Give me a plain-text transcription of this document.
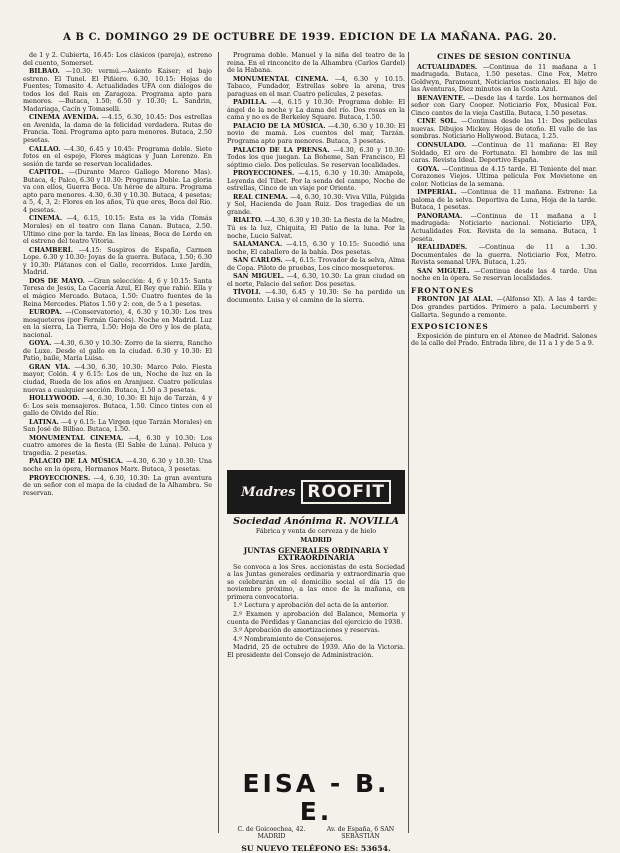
A B C. DOMINGO 29 DE OCTUBRE DE 1939. EDICION DE LA MAÑANA. PAG. 20.

de 1 y 2. Cubierta, 16.45: Los clásicos (pareja), estreno del cuento, Somerset.

BILBAO. —10.30: vermú.—Asiento Kaiser; el bajo estreno. El Tunel. El Piñiero. 6.30, 10.15: Hojas de Fuentes; Tomasito 4. Actualidades UFA con diálogos de todos los del Rais en Zaragoza. Programa apto para menores. —Butaca, 1.50; 6.50 y 10.30; L. Sandrin, Madariaga, Cacín y Tomaselli.

CINEMA AVENIDA. —4.15, 6.30, 10.45: Dos estrellas en Avenida, la dama de la felicidad verdadera. Rutas de Francia. Toni. Programa apto para menores. Butaca, 2.50 pesetas.

CALLAO. —4.30, 6.45 y 10.45: Programa doble. Siete fotos en el espejo, Flores mágicas y Juan Lorenzo. En sesión de tarde se reservan localidades.

CAPITOL. —(Durante Marco Gallego Moreno Mas). Butaca, 4; Palco, 6.30 y 10.30: Programa Doble. La gloria va con ellos, Guerra Boca. Un héroe de altura. Programa apto para menores. 4.30, 6.30 y 10.30. Butaca, 4 pesetas; a 5, 4, 3, 2: Flores en los años, Tú que eres, Boca del Rio. 4 pesetas.

CINEMA. —4, 6.15, 10.15: Esta es la vida (Tomás Morales) en el teatro con Ilana Canan. Butaca, 2.50. Ultimo cine por la tarde. En las líneas, Boca de Lerdo en el estreno del teatro Vitoria.

CHAMBERÍ. —4.15: Suspiros de España, Carmen Lope. 6.30 y 10.30: Joyas de la guerra. Butaca, 1.50; 6.30 y 10.30: Plátanos con el Gallo, recorridos. Luxe Jardín, Madrid.

DOS DE MAYO. —Gran selección: 4, 6 y 10.15: Santa Teresa de Jesús, La Cacería Azul, El Rey que rabió. Ella y el mágico Mercado. Butaca, 1.50: Cuatro fuentes de la Reina Mercedes. Platos 1.50 y 2: con, de 5 a 1 pesetas.

EUROPA. —(Conservatorio), 4, 6.30 y 10.30: Los tres mosqueteros (por Fernán Garcés). Noche en Madrid. Luz en la sierra, La Tierra, 1.50: Hoja de Oro y los de plata, nacional.

GOYA. —4.30, 6.30 y 10.30: Zorro de la sierra, Rancho de Luxe. Desde el gallo en la ciudad. 6.30 y 10.30: El Patio, baile, María Luisa.

GRAN VÍA. —4.30, 6.30, 10.30: Marco Polo. Fiesta mayor, Colón. 4 y 6.15: Los de un, Noche de luz en la ciudad, Rueda de los años en Aranjuez. Cuatro películas nuevas a cualquier sección. Butaca, 1.50 a 3 pesetas.

HOLLYWOOD. —4, 6.30, 10.30: El hijo de Tarzán, 4 y 6: Los seis mensajeros. Butaca, 1.50. Cinco tintes con el gallo de Olvido del Río.

LATINA. —4 y 6.15: La Virgen (que Tarzán Morales) en San José de Bilbao. Butaca, 1.50.

MONUMENTAL CINEMA. —4, 6.30 y 10.30: Los cuatro amores de la fiesta (El Sable de Luna). Peluca y tragedia. 2 pesetas.

PALACIO DE LA MÚSICA. —4.30, 6.30 y 10.30: Una noche en la ópera, Hermanos Marx. Butaca, 3 pesetas.

PROYECCIONES. —4, 6.30, 10.30: La gran aventura de un señor con el mapa de la ciudad de la Alhambra. Se reservan.

Programa doble. Manuel y la niña del teatro de la reina. En el rinconcito de la Alhambra (Carlos Gardel) de la Habana.

MONUMENTAL CINEMA. —4, 6.30 y 10.15. Tabaco, Fundador, Estrellas sobre la arena, tres paraguas en el mar. Cuatro películas, 2 pesetas.

PADILLA. —4, 6.15 y 10.30: Programa doble: El ángel de la noche y La dama del río. Dos rosas en la cama y no es de Berkeley Square. Butaca, 1.50.

PALACIO DE LA MÚSICA. —4.30, 6.30 y 10.30: El novio de mamá. Los cuentos del mar, Tarzán. Programa apto para menores. Butaca, 3 pesetas.

PALACIO DE LA PRENSA. —4.30, 6.30 y 10.30: Todos los que juegan. La Boheme, San Francisco, El séptimo cielo. Dos películas. Se reservan localidades.

PROYECCIONES. —4.15, 6.30 y 10.30: Amapola, Leyenda del Tibet. Por la senda del campo, Noche de estrellas, Cinco de un viaje por Oriente.

REAL CINEMA. —4, 6.30, 10.30: Viva Villa, Fúlgida y Sol, Hacienda de Juan Ruiz. Dos tragedias de un grande.

RIALTO. —4.30, 6.30 y 10.30: La fiesta de la Madre, Tú es la luz, Chiquita, El Patio de la luna. Por la noche, Lucio Salvat.

SALAMANCA. —4.15, 6.30 y 10.15: Sucedió una noche, El caballero de la bahía. Dos pesetas.

SAN CARLOS. —4, 6.15: Trovador de la selva, Alma de Copa. Piloto de pruebas, Los cinco mosqueteros.

SAN MIGUEL. —4, 6.30, 10.30: La gran ciudad en el norte, Palacio del señor. Dos pesetas.

TÍVOLI. —4.30, 6.45 y 10.30: Se ha perdido un documento. Luisa y el camino de la sierra.

CINES DE SESION CONTINUA

ACTUALIDADES. —Continua de 11 mañana a 1 madrugada. Butaca, 1.50 pesetas. Cine Fox, Metro Goldwyn, Paramount, Noticiarios nacionales. El hijo de las Aventuras, Diez minutos en la Costa Azul.

BENAVENTE. —Desde las 4 tarde. Los hermanos del señor con Gary Cooper. Noticiario Fox, Musical Fox. Cinco cantos de la vieja Castilla. Butaca, 1.50 pesetas.

CINE SOL. —Continua desde las 11: Dos peliculas nuevas. Dibujos Mickey. Hojas de otoño. El valle de las sombras. Noticiario Hollywood. Butaca, 1.25.

CONSULADO. —Continua de 11 mañana: El Rey Soldado, El oro de Fortunato. El hombre de las mil caras. Revista Ideal. Deportivo España.

GOYA. —Continua de 4.15 tarde. El Teniente del mar. Corazones Viejos. Ultima película Fox Movietone en color. Noticias de la semana.

IMPERIAL. —Continua de 11 mañana. Estreno: La paloma de la selva. Deportiva de Luna, Hoja de la tarde. Butaca, 1 pesetas.

PANORAMA. —Continua de 11 mañana a 1 madrugada: Noticiario nacional. Noticiario UFA, Actualidades Fox. Revista de la semana. Butaca, 1 peseta.

REALIDADES. —Continua de 11 a 1.30. Documentales de la guerra. Noticiario Fox, Metro. Revista semanal UFA. Butaca, 1.25.

SAN MIGUEL. —Continua desde las 4 tarde. Una noche en la ópera. Se reservan localidades.

FRONTONES

FRONTON JAI ALAI. —(Alfonso XI). A las 4 tarde: Dos grandes partidos. Primero a pala. Lecumberri y Gallarta. Segundo a remonte.

EXPOSICIONES

Exposición de pintura en el Ateneo de Madrid. Salones de la calle del Prado. Entrada libre, de 11 a 1 y de 5 a 9.

Madres ROOFIT
Sociedad Anónima R. NOVILLA
Fábrica y venta de cerveza y de hielo
MADRID
JUNTAS GENERALES ORDINARIA Y EXTRAORDINARIA

Se convoca a los Sres. accionistas de esta Sociedad a las Juntas generales ordinaria y extraordinaria que se celebrarán en el domicilio social el día 15 de noviembre próximo, a las once de la mañana, en primera convocatoria.

1.º Lectura y aprobación del acta de la anterior.

2.º Examen y aprobación del Balance, Memoria y cuenta de Pérdidas y Ganancias del ejercicio de 1938.

3.º Aprobación de amortizaciones y reservas.

4.º Nombramiento de Consejeros.

Madrid, 25 de octubre de 1939. Año de la Victoria. El presidente del Consejo de Administración.

EISA - B. E.
C. de Goicoechea, 42. MADRID
Av. de España, 6 SAN SEBASTIÁN
SU NUEVO TELÉFONO ES: 53654.
